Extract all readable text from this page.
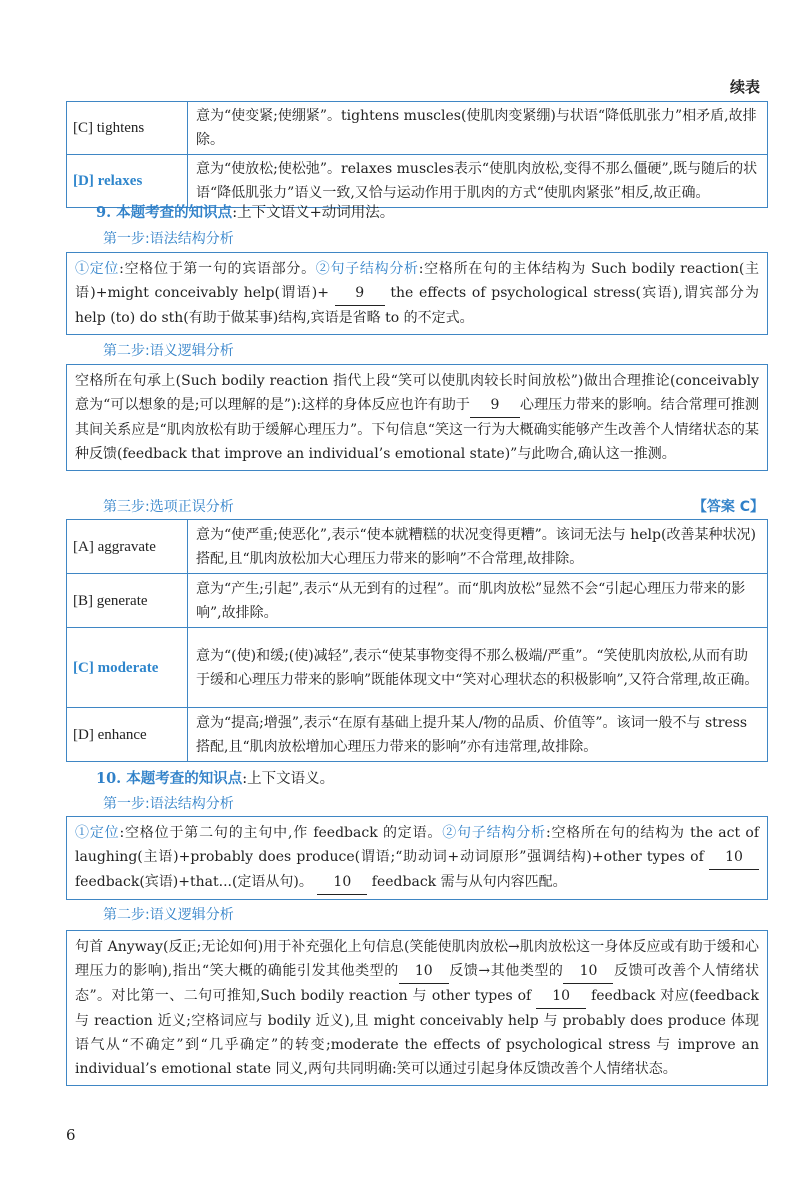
续表
[C] tightens	意为“使变紧;使绷紧”。tightens muscles(使肌肉变紧绷)与状语“降低肌张力”相矛盾,故排除。
[D] relaxes	意为“使放松;使松弛”。relaxes muscles表示“使肌肉放松,变得不那么僵硬”,既与随后的状语“降低肌张力”语义一致,又恰与运动作用于肌肉的方式“使肌肉紧张”相反,故正确。
9. 本题考查的知识点:上下文语义+动词用法。
第一步:语法结构分析
①定位:空格位于第一句的宾语部分。②句子结构分析:空格所在句的主体结构为 Such bodily reaction(主语)+might conceivably help(谓语)+ 9 the effects of psychological stress(宾语),谓宾部分为 help (to) do sth(有助于做某事)结构,宾语是省略 to 的不定式。
第二步:语义逻辑分析
空格所在句承上(Such bodily reaction 指代上段“笑可以使肌肉较长时间放松”)做出合理推论(conceivably 意为“可以想象的是;可以理解的是”):这样的身体反应也许有助于 9 心理压力带来的影响。结合常理可推测其间关系应是“肌肉放松有助于缓解心理压力”。下句信息“笑这一行为大概确实能够产生改善个人情绪状态的某种反馈(feedback that improve an individual’s emotional state)”与此吻合,确认这一推测。
第三步:选项正误分析	【答案 C】
[A] aggravate	意为“使严重;使恶化”,表示“使本就糟糕的状况变得更糟”。该词无法与 help(改善某种状况)搭配,且“肌肉放松加大心理压力带来的影响”不合常理,故排除。
[B] generate	意为“产生;引起”,表示“从无到有的过程”。而“肌肉放松”显然不会“引起心理压力带来的影响”,故排除。
[C] moderate	意为“(使)和缓;(使)减轻”,表示“使某事物变得不那么极端/严重”。“笑使肌肉放松,从而有助于缓和心理压力带来的影响”既能体现文中“笑对心理状态的积极影响”,又符合常理,故正确。
[D] enhance	意为“提高;增强”,表示“在原有基础上提升某人/物的品质、价值等”。该词一般不与 stress 搭配,且“肌肉放松增加心理压力带来的影响”亦有违常理,故排除。
10. 本题考查的知识点:上下文语义。
第一步:语法结构分析
①定位:空格位于第二句的主句中,作 feedback 的定语。②句子结构分析:空格所在句的结构为 the act of laughing(主语)+probably does produce(谓语;“助动词+动词原形”强调结构)+other types of 10 feedback(宾语)+that...(定语从句)。 10 feedback 需与从句内容匹配。
第二步:语义逻辑分析
句首 Anyway(反正;无论如何)用于补充强化上句信息(笑能使肌肉放松→肌肉放松这一身体反应或有助于缓和心理压力的影响),指出“笑大概的确能引发其他类型的 10 反馈→其他类型的 10 反馈可改善个人情绪状态”。对比第一、二句可推知,Such bodily reaction 与 other types of 10 feedback 对应(feedback 与 reaction 近义;空格词应与 bodily 近义),且 might conceivably help 与 probably does produce 体现语气从“不确定”到“几乎确定”的转变;moderate the effects of psychological stress 与 improve an individual’s emotional state 同义,两句共同明确:笑可以通过引起身体反馈改善个人情绪状态。
6
